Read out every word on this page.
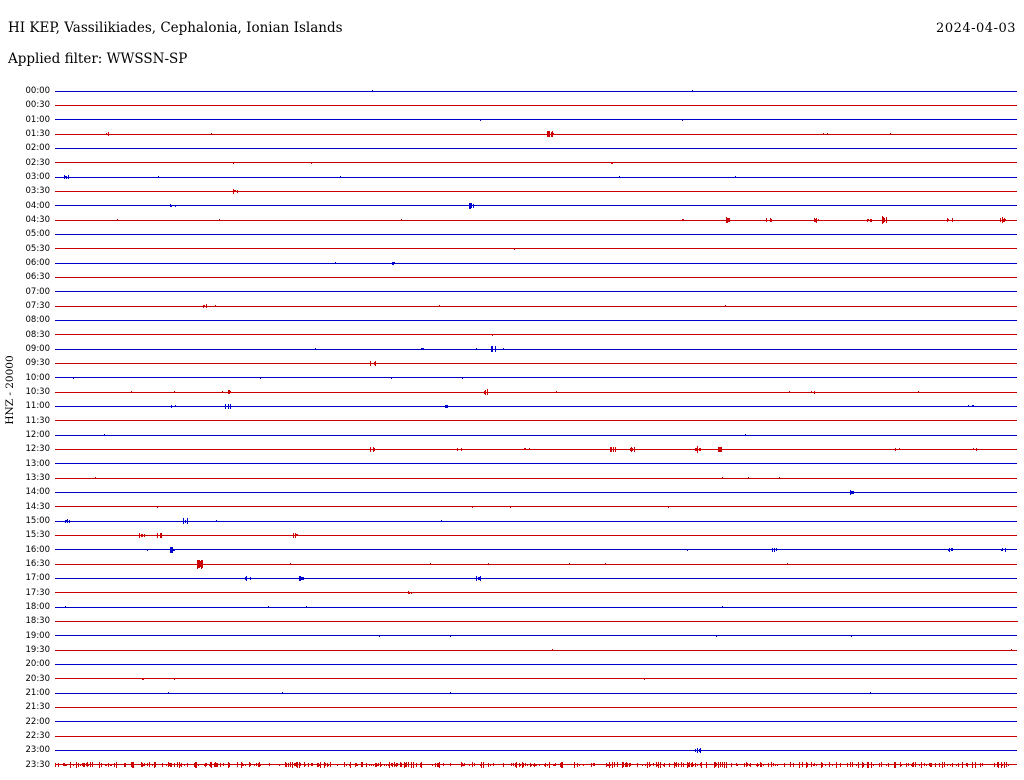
HI KEP, Vassilikiades, Cephalonia, Ionian Islands	2024-04-03
Applied filter: WWSSN-SP
HNZ - 20000
00:00
00:30
01:00
01:30
02:00
02:30
03:00
03:30
04:00
04:30
05:00
05:30
06:00
06:30
07:00
07:30
08:00
08:30
09:00
09:30
10:00
10:30
11:00
11:30
12:00
12:30
13:00
13:30
14:00
14:30
15:00
15:30
16:00
16:30
17:00
17:30
18:00
18:30
19:00
19:30
20:00
20:30
21:00
21:30
22:00
22:30
23:00
23:30
